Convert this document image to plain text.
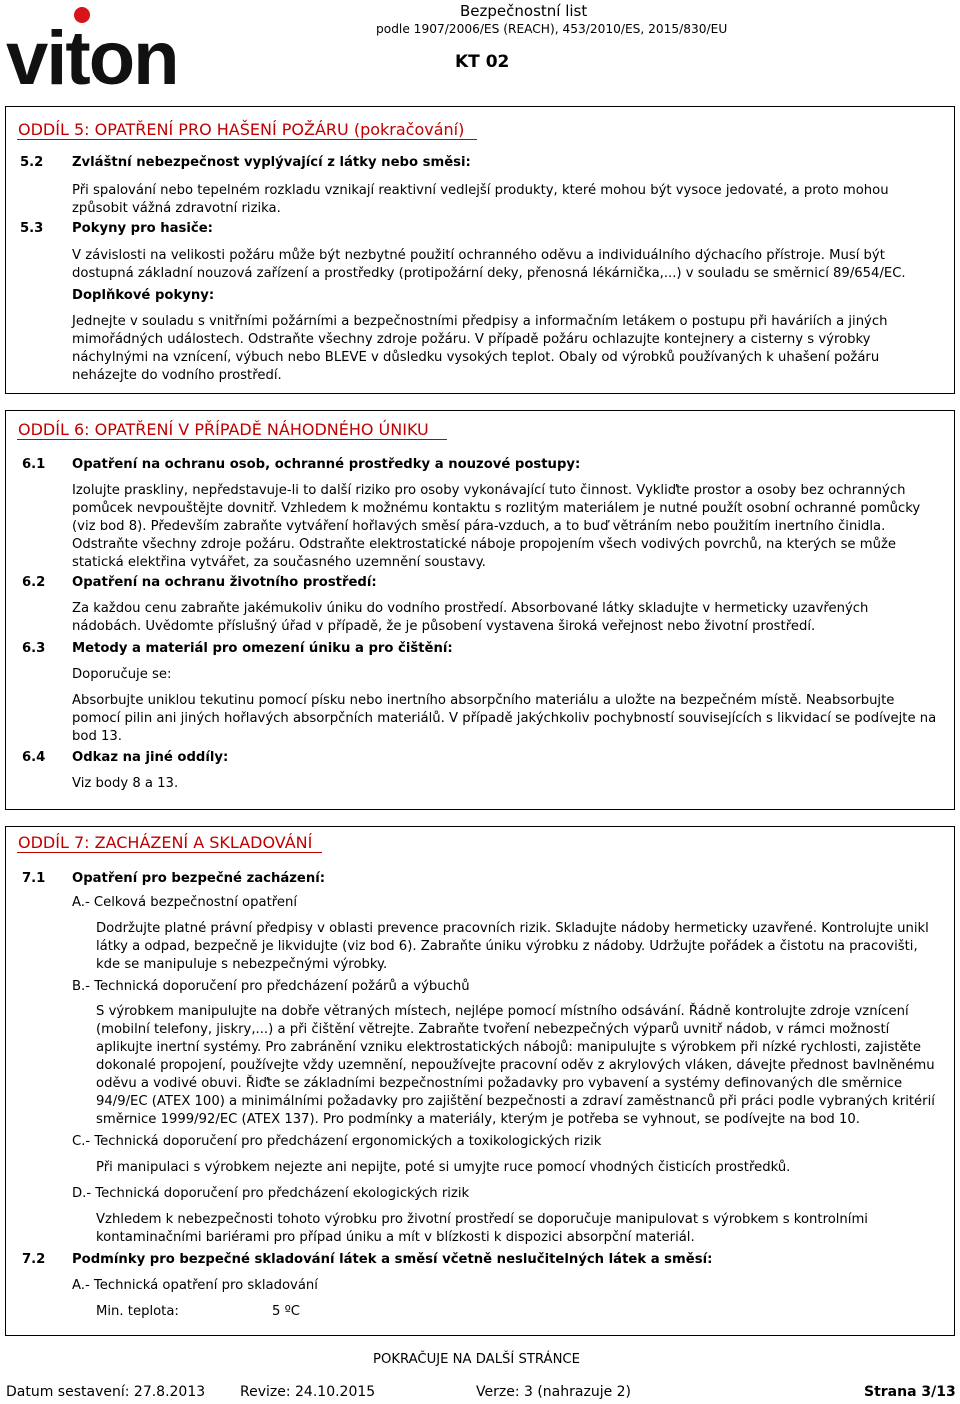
viton
Bezpečnostní list
podle 1907/2006/ES (REACH), 453/2010/ES, 2015/830/EU
KT 02
ODDÍL 5: OPATŘENÍ PRO HAŠENÍ POŽÁRU (pokračování)
5.2 Zvláštní nebezpečnost vyplývající z látky nebo směsi:
Při spalování nebo tepelném rozkladu vznikají reaktivní vedlejší produkty, které mohou být vysoce jedovaté, a proto mohou
způsobit vážná zdravotní rizika.
5.3 Pokyny pro hasiče:
V závislosti na velikosti požáru může být nezbytné použití ochranného oděvu a individuálního dýchacího přístroje. Musí být
dostupná základní nouzová zařízení a prostředky (protipožární deky, přenosná lékárnička,...) v souladu se směrnicí 89/654/EC.
Doplňkové pokyny:
Jednejte v souladu s vnitřními požárními a bezpečnostními předpisy a informačním letákem o postupu při haváriích a jiných
mimořádných událostech. Odstraňte všechny zdroje požáru. V případě požáru ochlazujte kontejnery a cisterny s výrobky
náchylnými na vznícení, výbuch nebo BLEVE v důsledku vysokých teplot. Obaly od výrobků používaných k uhašení požáru
neházejte do vodního prostředí.
ODDÍL 6: OPATŘENÍ V PŘÍPADĚ NÁHODNÉHO ÚNIKU
6.1 Opatření na ochranu osob, ochranné prostředky a nouzové postupy:
Izolujte praskliny, nepředstavuje-li to další riziko pro osoby vykonávající tuto činnost. Vykliďte prostor a osoby bez ochranných
pomůcek nevpouštějte dovnitř. Vzhledem k možnému kontaktu s rozlitým materiálem je nutné použít osobní ochranné pomůcky
(viz bod 8). Především zabraňte vytváření hořlavých směsí pára-vzduch, a to buď větráním nebo použitím inertního činidla.
Odstraňte všechny zdroje požáru. Odstraňte elektrostatické náboje propojením všech vodivých povrchů, na kterých se může
statická elektřina vytvářet, za současného uzemnění soustavy.
6.2 Opatření na ochranu životního prostředí:
Za každou cenu zabraňte jakémukoliv úniku do vodního prostředí. Absorbované látky skladujte v hermeticky uzavřených
nádobách. Uvědomte příslušný úřad v případě, že je působení vystavena široká veřejnost nebo životní prostředí.
6.3 Metody a materiál pro omezení úniku a pro čištění:
Doporučuje se:
Absorbujte uniklou tekutinu pomocí písku nebo inertního absorpčního materiálu a uložte na bezpečném místě. Neabsorbujte
pomocí pilin ani jiných hořlavých absorpčních materiálů. V případě jakýchkoliv pochybností souvisejících s likvidací se podívejte na
bod 13.
6.4 Odkaz na jiné oddíly:
Viz body 8 a 13.
ODDÍL 7: ZACHÁZENÍ A SKLADOVÁNÍ
7.1 Opatření pro bezpečné zacházení:
A.- Celková bezpečnostní opatření
Dodržujte platné právní předpisy v oblasti prevence pracovních rizik. Skladujte nádoby hermeticky uzavřené. Kontrolujte unikl
látky a odpad, bezpečně je likvidujte (viz bod 6). Zabraňte úniku výrobku z nádoby. Udržujte pořádek a čistotu na pracovišti,
kde se manipuluje s nebezpečnými výrobky.
B.- Technická doporučení pro předcházení požárů a výbuchů
S výrobkem manipulujte na dobře větraných místech, nejlépe pomocí místního odsávání. Řádně kontrolujte zdroje vznícení
(mobilní telefony, jiskry,...) a při čištění větrejte. Zabraňte tvoření nebezpečných výparů uvnitř nádob, v rámci možností
aplikujte inertní systémy. Pro zabránění vzniku elektrostatických nábojů: manipulujte s výrobkem při nízké rychlosti, zajistěte
dokonalé propojení, používejte vždy uzemnění, nepoužívejte pracovní oděv z akrylových vláken, dávejte přednost bavlněnému
oděvu a vodivé obuvi. Řiďte se základními bezpečnostními požadavky pro vybavení a systémy definovaných dle směrnice
94/9/EC (ATEX 100) a minimálními požadavky pro zajištění bezpečnosti a zdraví zaměstnanců při práci podle vybraných kritérií
směrnice 1999/92/EC (ATEX 137). Pro podmínky a materiály, kterým je potřeba se vyhnout, se podívejte na bod 10.
C.- Technická doporučení pro předcházení ergonomických a toxikologických rizik
Při manipulaci s výrobkem nejezte ani nepijte, poté si umyjte ruce pomocí vhodných čisticích prostředků.
D.- Technická doporučení pro předcházení ekologických rizik
Vzhledem k nebezpečnosti tohoto výrobku pro životní prostředí se doporučuje manipulovat s výrobkem s kontrolními
kontaminačními bariérami pro případ úniku a mít v blízkosti k dispozici absorpční materiál.
7.2 Podmínky pro bezpečné skladování látek a směsí včetně neslučitelných látek a směsí:
A.- Technická opatření pro skladování
Min. teplota:	5 ºC
POKRAČUJE NA DALŠÍ STRÁNCE
Datum sestavení: 27.8.2013 Revize: 24.10.2015	Verze: 3 (nahrazuje 2)	Strana 3/13
